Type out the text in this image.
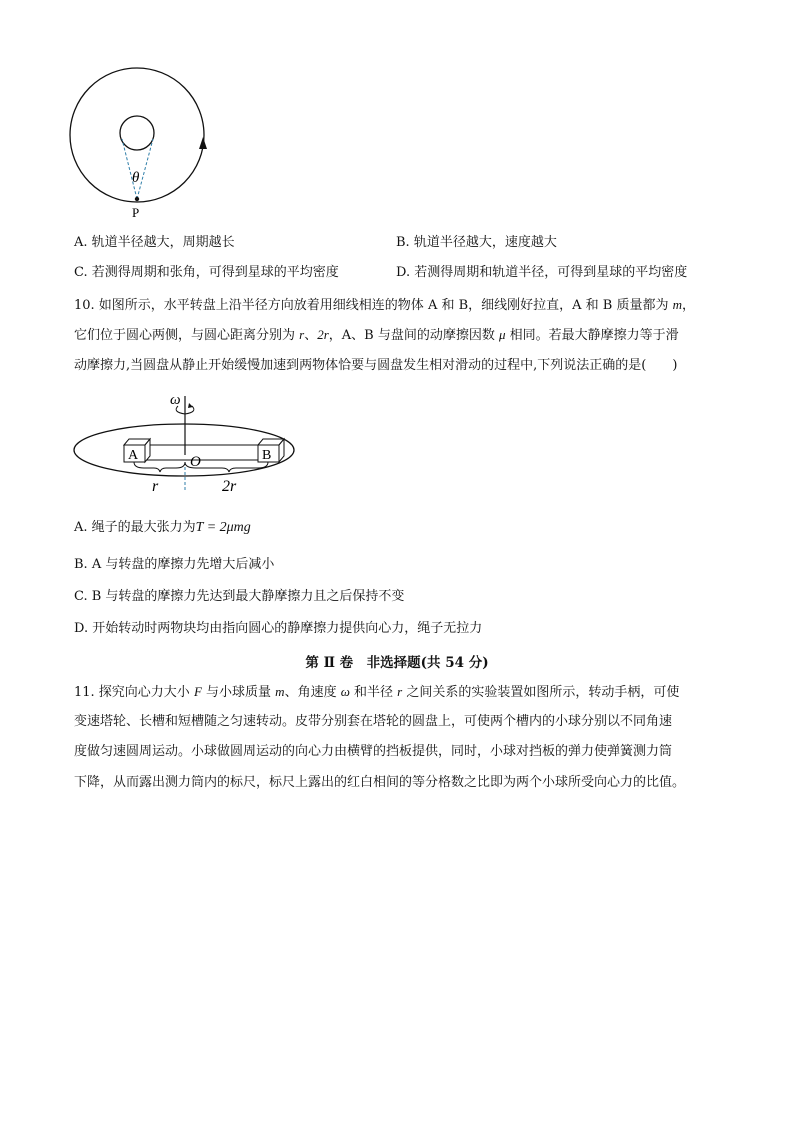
θ
P
A. 轨道半径越大，周期越长	B. 轨道半径越大，速度越大
C. 若测得周期和张角，可得到星球的平均密度	D. 若测得周期和轨道半径，可得到星球的平均密度
10. 如图所示，水平转盘上沿半径方向放着用细线相连的物体 A 和 B，细线刚好拉直，A 和 B 质量都为 m，
它们位于圆心两侧，与圆心距离分别为 r、2r，A、B 与盘间的动摩擦因数 μ 相同。若最大静摩擦力等于滑
动摩擦力,当圆盘从静止开始缓慢加速到两物体恰要与圆盘发生相对滑动的过程中,下列说法正确的是(　　)
ω
A	B
O
r	2r
A. 绳子的最大张力为T = 2μmg
B. A 与转盘的摩擦力先增大后减小
C. B 与转盘的摩擦力先达到最大静摩擦力且之后保持不变
D. 开始转动时两物块均由指向圆心的静摩擦力提供向心力，绳子无拉力
第 Ⅱ 卷　非选择题(共 54 分)
11. 探究向心力大小 F 与小球质量 m、角速度 ω 和半径 r 之间关系的实验装置如图所示，转动手柄，可使
变速塔轮、长槽和短槽随之匀速转动。皮带分别套在塔轮的圆盘上，可使两个槽内的小球分别以不同角速
度做匀速圆周运动。小球做圆周运动的向心力由横臂的挡板提供，同时，小球对挡板的弹力使弹簧测力筒
下降，从而露出测力筒内的标尺，标尺上露出的红白相间的等分格数之比即为两个小球所受向心力的比值。
